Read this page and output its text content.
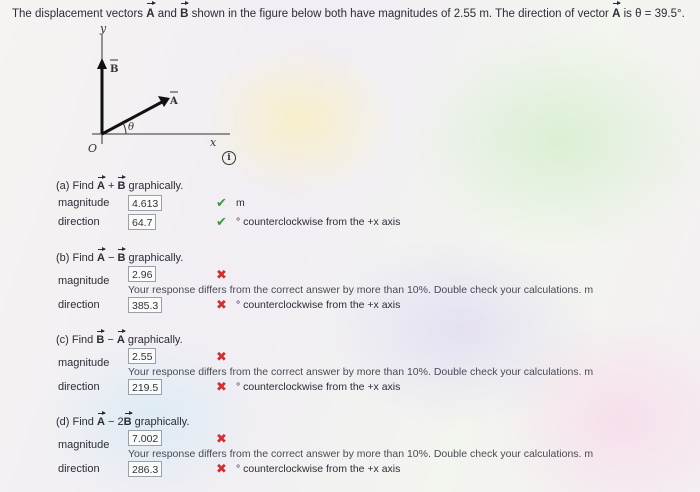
The displacement vectors A and B shown in the figure below both have magnitudes of 2.55 m. The direction of vector A is θ = 39.5°.
y
x
O
θ
A
B
i
(a) Find A + B graphically.
magnitude	4.613	✔ m
direction	64.7	✔ ° counterclockwise from the +x axis
(b) Find A − B graphically.
magnitude	2.96	✖
Your response differs from the correct answer by more than 10%. Double check your calculations. m
direction	385.3	✖ ° counterclockwise from the +x axis
(c) Find B − A graphically.
magnitude	2.55	✖
Your response differs from the correct answer by more than 10%. Double check your calculations. m
direction	219.5	✖ ° counterclockwise from the +x axis
(d) Find A − 2B graphically.
magnitude	7.002	✖
Your response differs from the correct answer by more than 10%. Double check your calculations. m
direction	286.3	✖ ° counterclockwise from the +x axis
